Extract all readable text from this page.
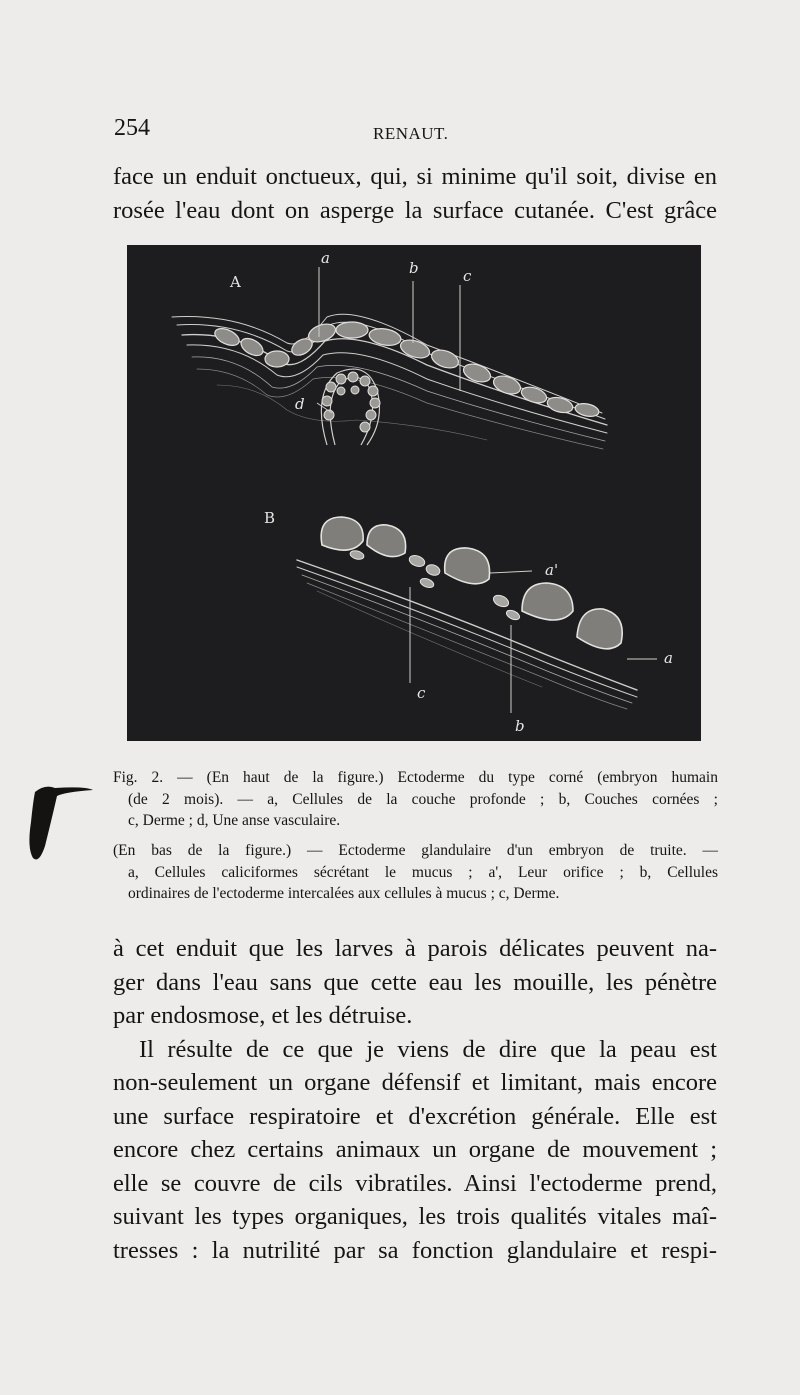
254	RENAUT.
face un enduit onctueux, qui, si minime qu'il soit, divise en
rosée l'eau dont on asperge la surface cutanée. C'est grâce
a
b	c
d
a'
a
c
b
A
B
Fig. 2. — (En haut de la figure.) Ectoderme du type corné (embryon humain
(de 2 mois). — a, Cellules de la couche profonde ; b, Couches cornées ;
c, Derme ; d, Une anse vasculaire.
(En bas de la figure.) — Ectoderme glandulaire d'un embryon de truite. —
a, Cellules caliciformes sécrétant le mucus ; a', Leur orifice ; b, Cellules
ordinaires de l'ectoderme intercalées aux cellules à mucus ; c, Derme.
à cet enduit que les larves à parois délicates peuvent na-
ger dans l'eau sans que cette eau les mouille, les pénètre
par endosmose, et les détruise.
Il résulte de ce que je viens de dire que la peau est
non-seulement un organe défensif et limitant, mais encore
une surface respiratoire et d'excrétion générale. Elle est
encore chez certains animaux un organe de mouvement ;
elle se couvre de cils vibratiles. Ainsi l'ectoderme prend,
suivant les types organiques, les trois qualités vitales maî-
tresses : la nutrilité par sa fonction glandulaire et respi-
